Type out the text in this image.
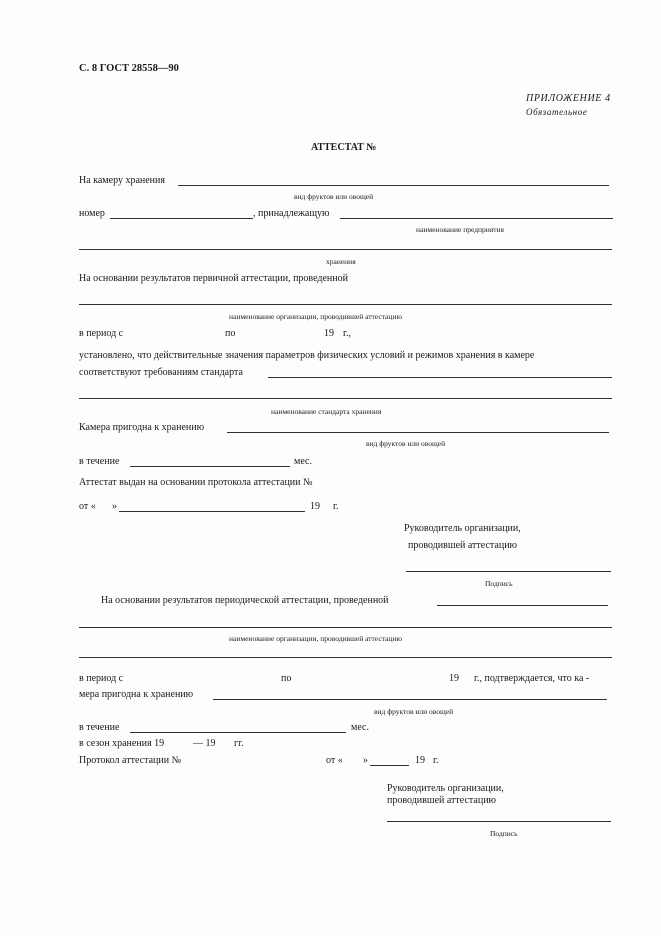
С. 8 ГОСТ 28558—90
ПРИЛОЖЕНИЕ 4
Обязательное
АТТЕСТАТ №
На камеру хранения
вид фруктов или овощей
номер	, принадлежащую
наименование предприятия
хранения
На основании результатов первичной аттестации, проведенной
наименование организации, проводившей аттестацию
в период с	по	19 г.,
установлено, что действительные значения параметров физических условий и режимов хранения в камере
соответствуют требованиям стандарта
наименование стандарта хранения
Камера пригодна к хранению
вид фруктов или овощей
в течение	мес.
Аттестат выдан на основании протокола аттестации №
от « »	19 г.
Руководитель организации,
проводившей аттестацию
Подпись
На основании результатов периодической аттестации, проведенной
наименование организации, проводившей аттестацию
в период с	по	19 г., подтверждается, что ка -
мера пригодна к хранению
вид фруктов или овощей
в течение	мес.
в сезон хранения 19	— 19 гг.
Протокол аттестации №	от « »	19 г.
Руководитель организации,
проводившей аттестацию
Подпись
